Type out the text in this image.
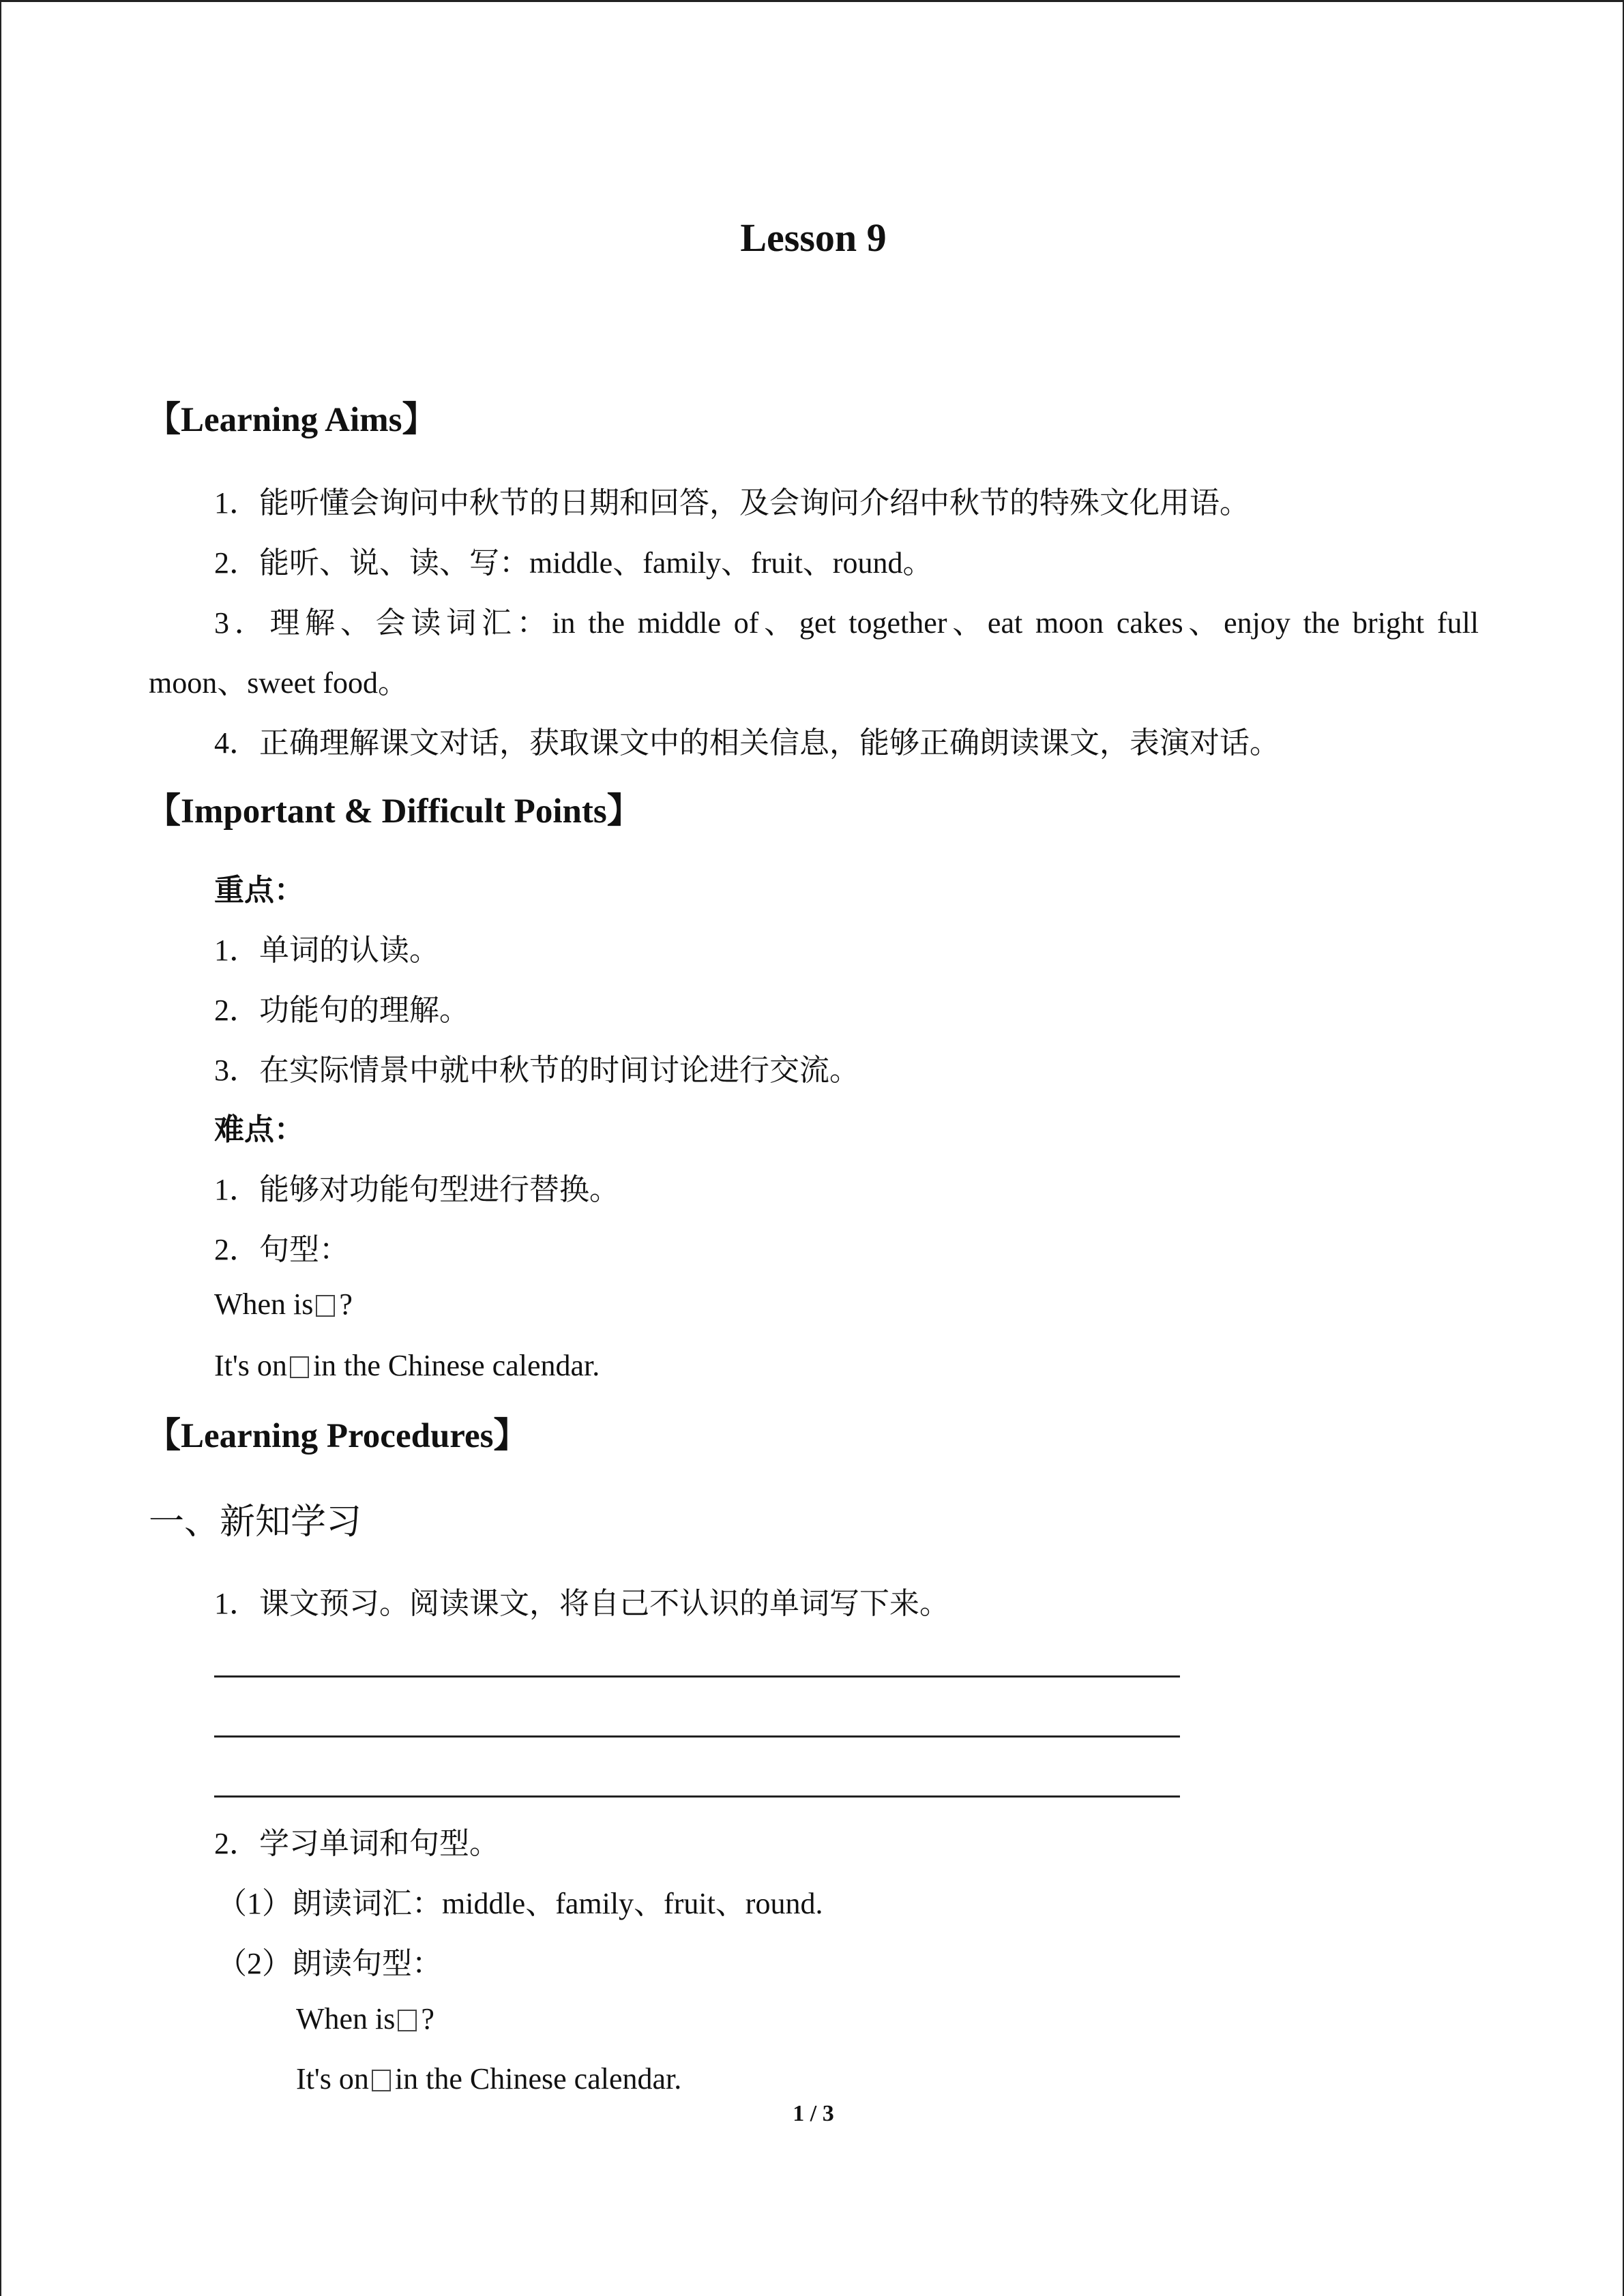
Lesson 9
【Learning Aims】
1．能听懂会询问中秋节的日期和回答，及会询问介绍中秋节的特殊文化用语。
2．能听、说、读、写：middle、family、fruit、round。
3．理解、会读词汇：in the middle of、get together、eat moon cakes、enjoy the bright full
moon、sweet food。
4．正确理解课文对话，获取课文中的相关信息，能够正确朗读课文，表演对话。
【Important & Difficult Points】
重点：
1．单词的认读。
2．功能句的理解。
3．在实际情景中就中秋节的时间讨论进行交流。
难点：
1．能够对功能句型进行替换。
2．句型：
When is ?
It's on in the Chinese calendar.
【Learning Procedures】
一、新知学习
1．课文预习。阅读课文，将自己不认识的单词写下来。
2．学习单词和句型。
（1）朗读词汇：middle、family、fruit、round.
（2）朗读句型：
When is ?
It's on in the Chinese calendar.
1 / 3
